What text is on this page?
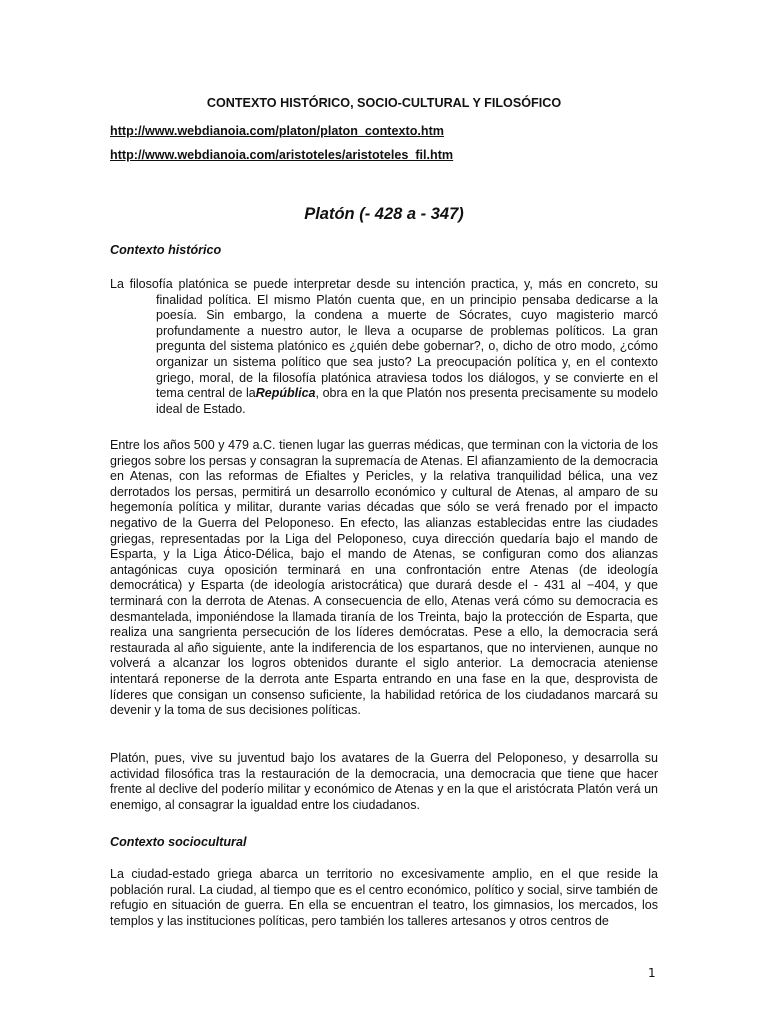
CONTEXTO HISTÓRICO, SOCIO-CULTURAL Y FILOSÓFICO
http://www.webdianoia.com/platon/platon_contexto.htm
http://www.webdianoia.com/aristoteles/aristoteles_fil.htm
Platón (- 428 a - 347)
Contexto histórico

La filosofía platónica se puede interpretar desde su intención practica, y, más en concreto, su finalidad política. El mismo Platón cuenta que, en un principio pensaba dedicarse a la poesía. Sin embargo, la condena a muerte de Sócrates, cuyo magisterio marcó profundamente a nuestro autor, le lleva a ocuparse de problemas políticos. La gran pregunta del sistema platónico es ¿quién debe gobernar?, o, dicho de otro modo, ¿cómo organizar un sistema político que sea justo? La preocupación política y, en el contexto griego, moral, de la filosofía platónica atraviesa todos los diálogos, y se convierte en el tema central de laRepública, obra en la que Platón nos presenta precisamente su modelo ideal de Estado.

Entre los años 500 y 479 a.C. tienen lugar las guerras médicas, que terminan con la victoria de los griegos sobre los persas y consagran la supremacía de Atenas. El afianzamiento de la democracia en Atenas, con las reformas de Efialtes y Pericles, y la relativa tranquilidad bélica, una vez derrotados los persas, permitirá un desarrollo económico y cultural de Atenas, al amparo de su hegemonía política y militar, durante varias décadas que sólo se verá frenado por el impacto negativo de la Guerra del Peloponeso. En efecto, las alianzas establecidas entre las ciudades griegas, representadas por la Liga del Peloponeso, cuya dirección quedaría bajo el mando de Esparta, y la Liga Ático-Délica, bajo el mando de Atenas, se configuran como dos alianzas antagónicas cuya oposición terminará en una confrontación entre Atenas (de ideología democrática) y Esparta (de ideología aristocrática) que durará desde el - 431 al −404, y que terminará con la derrota de Atenas. A consecuencia de ello, Atenas verá cómo su democracia es desmantelada, imponiéndose la llamada tiranía de los Treinta, bajo la protección de Esparta, que realiza una sangrienta persecución de los líderes demócratas. Pese a ello, la democracia será restaurada al año siguiente, ante la indiferencia de los espartanos, que no intervienen, aunque no volverá a alcanzar los logros obtenidos durante el siglo anterior. La democracia ateniense intentará reponerse de la derrota ante Esparta entrando en una fase en la que, desprovista de líderes que consigan un consenso suficiente, la habilidad retórica de los ciudadanos marcará su devenir y la toma de sus decisiones políticas.

Platón, pues, vive su juventud bajo los avatares de la Guerra del Peloponeso, y desarrolla su actividad filosófica tras la restauración de la democracia, una democracia que tiene que hacer frente al declive del poderío militar y económico de Atenas y en la que el aristócrata Platón verá un enemigo, al consagrar la igualdad entre los ciudadanos.

Contexto sociocultural

La ciudad-estado griega abarca un territorio no excesivamente amplio, en el que reside la población rural. La ciudad, al tiempo que es el centro económico, político y social, sirve también de refugio en situación de guerra. En ella se encuentran el teatro, los gimnasios, los mercados, los templos y las instituciones políticas, pero también los talleres artesanos y otros centros de

1
